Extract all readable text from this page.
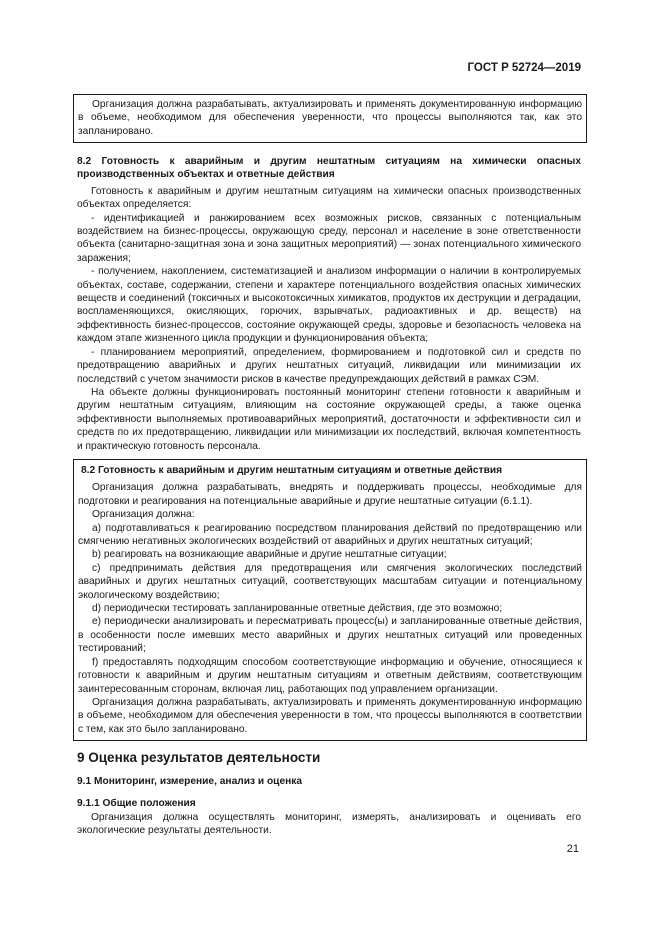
ГОСТ Р 52724—2019

Организация должна разрабатывать, актуализировать и применять документированную информацию в объеме, необходимом для обеспечения уверенности, что процессы выполняются так, как это запланировано.

8.2 Готовность к аварийным и другим нештатным ситуациям на химически опасных производственных объектах и ответные действия

Готовность к аварийным и другим нештатным ситуациям на химически опасных производственных объектах определяется:

- идентификацией и ранжированием всех возможных рисков, связанных с потенциальным воздействием на бизнес-процессы, окружающую среду, персонал и население в зоне ответственности объекта (санитарно-защитная зона и зона защитных мероприятий) — зонах потенциального химического заражения;

- получением, накоплением, систематизацией и анализом информации о наличии в контролируемых объектах, составе, содержании, степени и характере потенциального воздействия опасных химических веществ и соединений (токсичных и высокотоксичных химикатов, продуктов их деструкции и деградации, воспламеняющихся, окисляющих, горючих, взрывчатых, радиоактивных и др. веществ) на эффективность бизнес-процессов, состояние окружающей среды, здоровье и безопасность человека на каждом этапе жизненного цикла продукции и функционирования объекта;

- планированием мероприятий, определением, формированием и подготовкой сил и средств по предотвращению аварийных и других нештатных ситуаций, ликвидации или минимизации их последствий с учетом значимости рисков в качестве предупреждающих действий в рамках СЭМ.

На объекте должны функционировать постоянный мониторинг степени готовности к аварийным и другим нештатным ситуациям, влияющим на состояние окружающей среды, а также оценка эффективности выполняемых противоаварийных мероприятий, достаточности и эффективности сил и средств по их предотвращению, ликвидации или минимизации их последствий, включая компетентность и практическую готовность персонала.

8.2 Готовность к аварийным и другим нештатным ситуациям и ответные действия

Организация должна разрабатывать, внедрять и поддерживать процессы, необходимые для подготовки и реагирования на потенциальные аварийные и другие нештатные ситуации (6.1.1).

Организация должна:

a) подготавливаться к реагированию посредством планирования действий по предотвращению или смягчению негативных экологических воздействий от аварийных и других нештатных ситуаций;

b) реагировать на возникающие аварийные и другие нештатные ситуации;

c) предпринимать действия для предотвращения или смягчения экологических последствий аварийных и других нештатных ситуаций, соответствующих масштабам ситуации и потенциальному экологическому воздействию;

d) периодически тестировать запланированные ответные действия, где это возможно;

e) периодически анализировать и пересматривать процесс(ы) и запланированные ответные действия, в особенности после имевших место аварийных и других нештатных ситуаций или проведенных тестирований;

f) предоставлять подходящим способом соответствующие информацию и обучение, относящиеся к готовности к аварийным и другим нештатным ситуациям и ответным действиям, соответствующим заинтересованным сторонам, включая лиц, работающих под управлением организации.

Организация должна разрабатывать, актуализировать и применять документированную информацию в объеме, необходимом для обеспечения уверенности в том, что процессы выполняются в соответствии с тем, как это было запланировано.

9 Оценка результатов деятельности

9.1 Мониторинг, измерение, анализ и оценка

9.1.1 Общие положения

Организация должна осуществлять мониторинг, измерять, анализировать и оценивать его экологические результаты деятельности.

21
